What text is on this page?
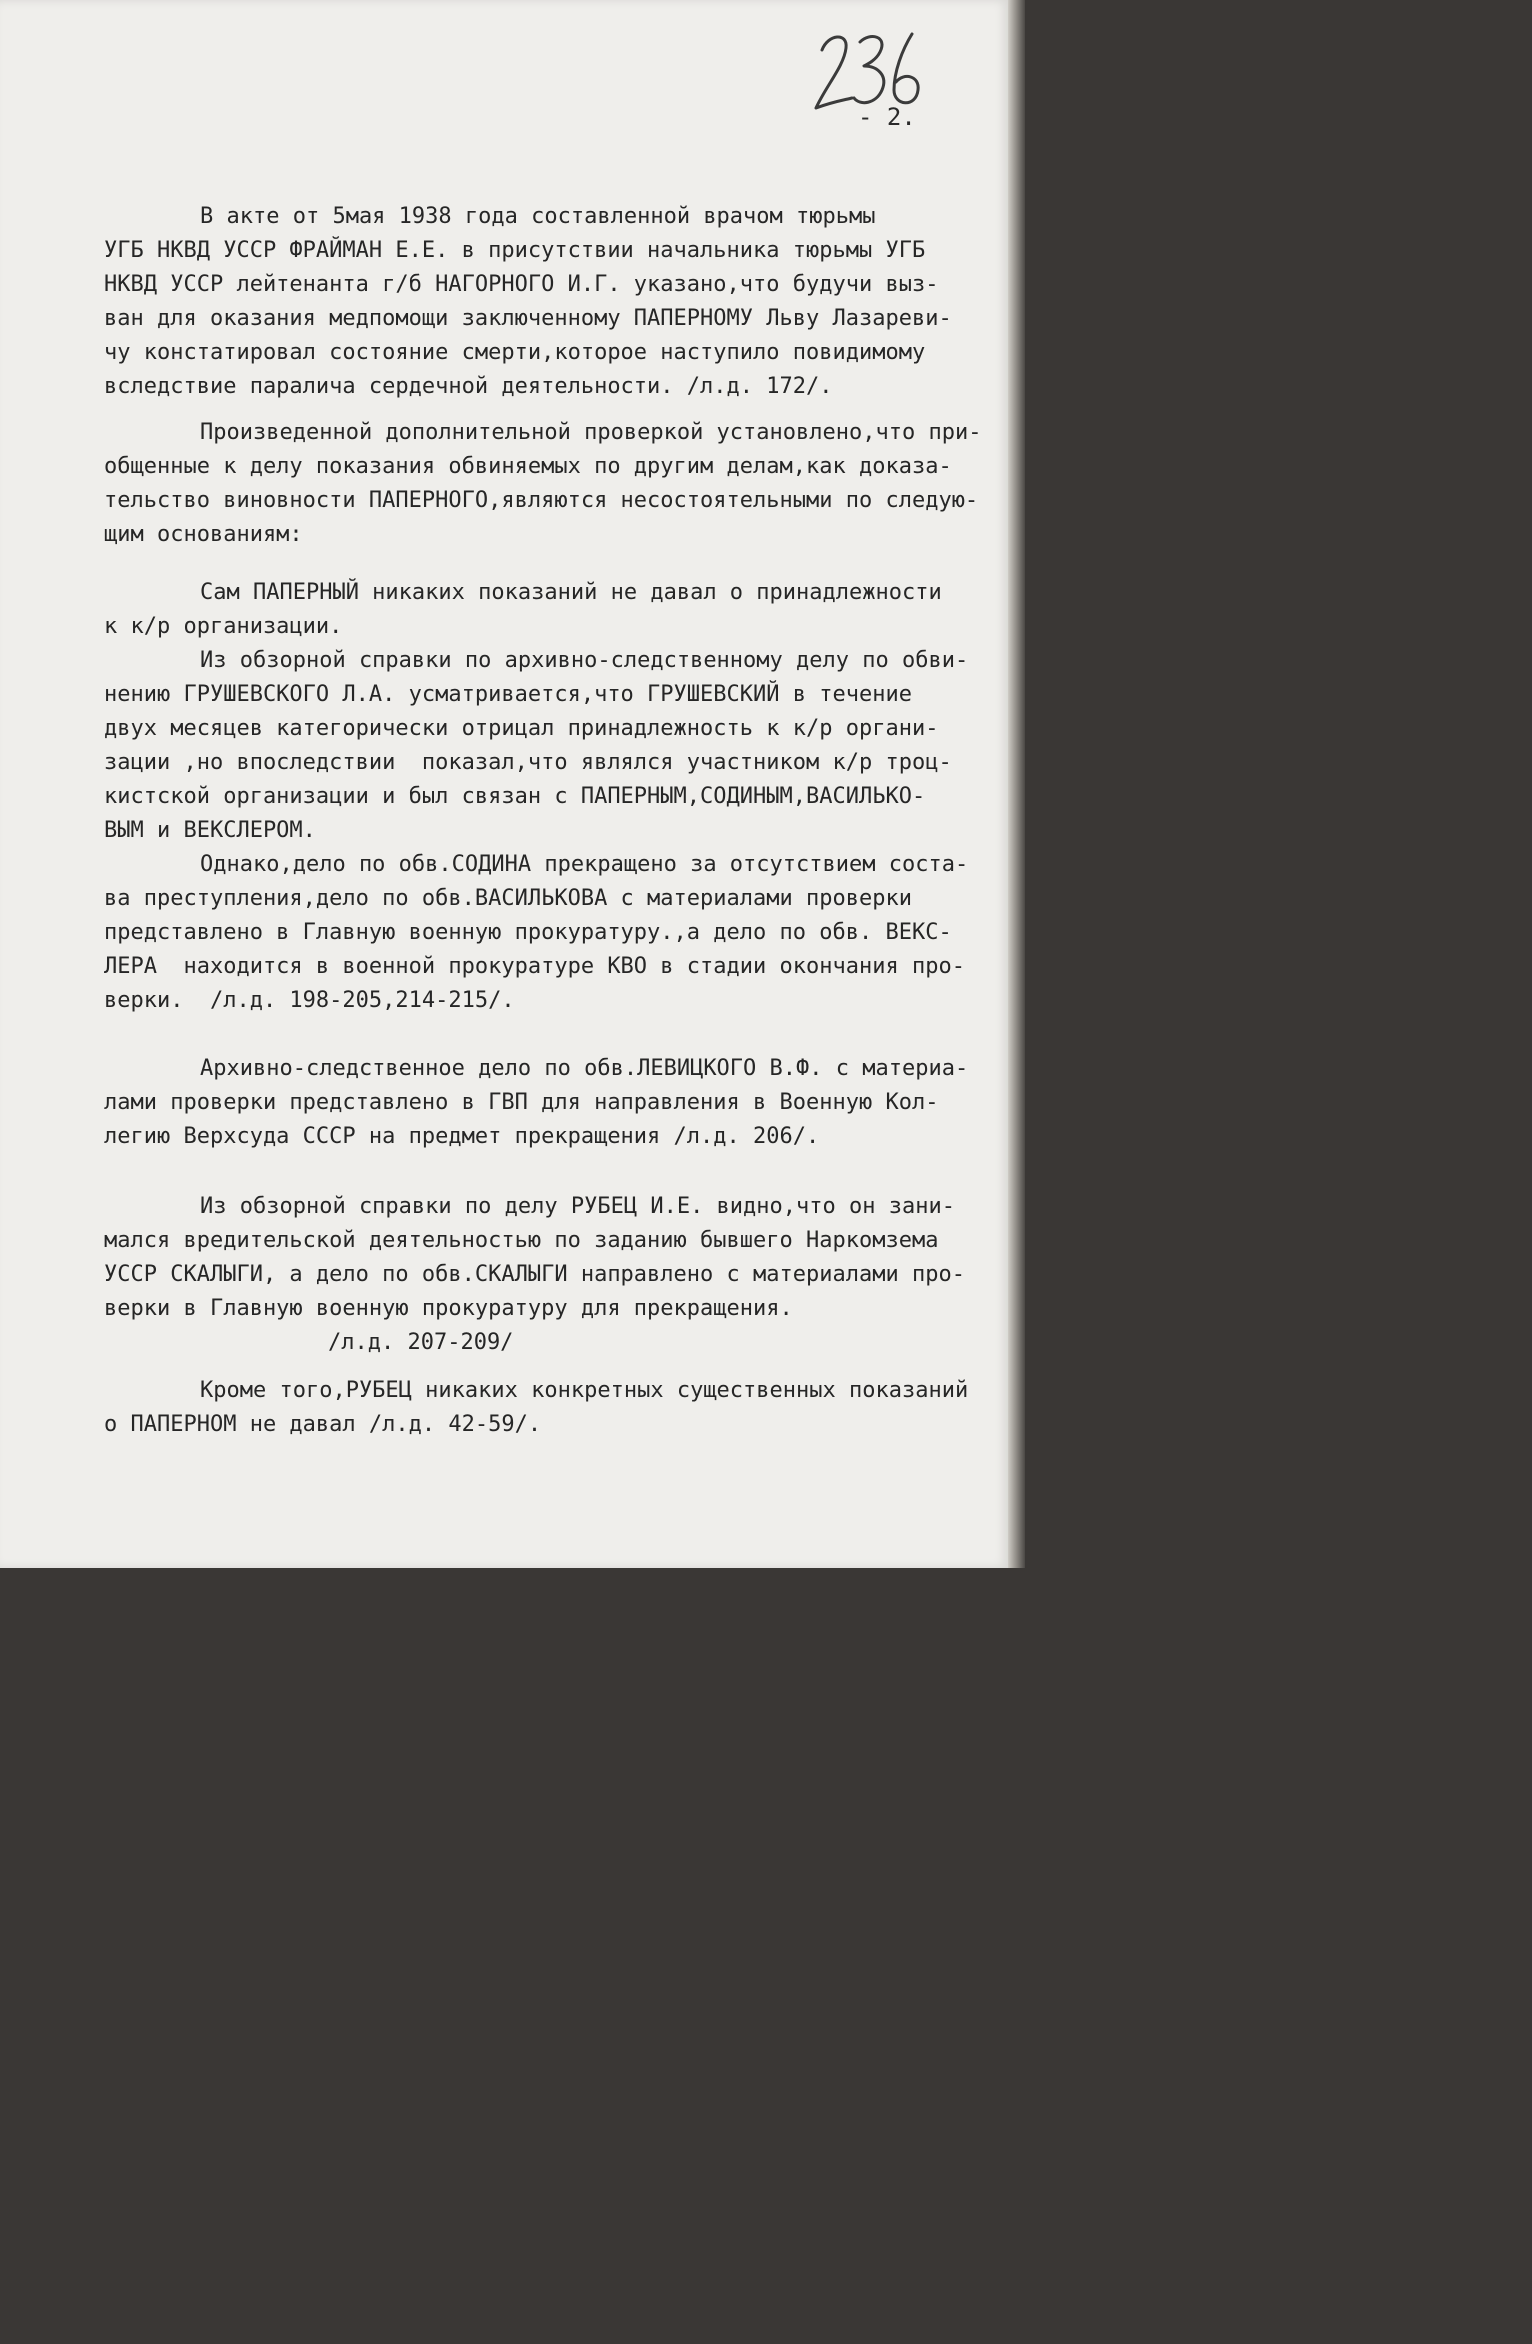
- 2.
В акте от 5мая 1938 года составленной врачом тюрьмы
УГБ НКВД УССР ФРАЙМАН Е.Е. в присутствии начальника тюрьмы УГБ
НКВД УССР лейтенанта г/б НАГОРНОГО И.Г. указано,что будучи выз-
ван для оказания медпомощи заключенному ПАПЕРНОМУ Льву Лазареви-
чу констатировал состояние смерти,которое наступило повидимому
вследствие паралича сердечной деятельности. /л.д. 172/.
Произведенной дополнительной проверкой установлено,что при-
общенные к делу показания обвиняемых по другим делам,как доказа-
тельство виновности ПАПЕРНОГО,являются несостоятельными по следую-
щим основаниям:
Сам ПАПЕРНЫЙ никаких показаний не давал о принадлежности
к к/р организации.
Из обзорной справки по архивно-следственному делу по обви-
нению ГРУШЕВСКОГО Л.А. усматривается,что ГРУШЕВСКИЙ в течение
двух месяцев категорически отрицал принадлежность к к/р органи-
зации ,но впоследствии  показал,что являлся участником к/р троц-
кистской организации и был связан с ПАПЕРНЫМ,СОДИНЫМ,ВАСИЛЬКО-
ВЫМ и ВЕКСЛЕРОМ.
Однако,дело по обв.СОДИНА прекращено за отсутствием соста-
ва преступления,дело по обв.ВАСИЛЬКОВА с материалами проверки
представлено в Главную военную прокуратуру.,а дело по обв. ВЕКС-
ЛЕРА  находится в военной прокуратуре КВО в стадии окончания про-
верки.  /л.д. 198-205,214-215/.
Архивно-следственное дело по обв.ЛЕВИЦКОГО В.Ф. с материа-
лами проверки представлено в ГВП для направления в Военную Кол-
легию Верхсуда СССР на предмет прекращения /л.д. 206/.
Из обзорной справки по делу РУБЕЦ И.Е. видно,что он зани-
мался вредительской деятельностью по заданию бывшего Наркомзема
УССР СКАЛЫГИ, а дело по обв.СКАЛЫГИ направлено с материалами про-
верки в Главную военную прокуратуру для прекращения.
/л.д. 207-209/
Кроме того,РУБЕЦ никаких конкретных существенных показаний
о ПАПЕРНОМ не давал /л.д. 42-59/.
